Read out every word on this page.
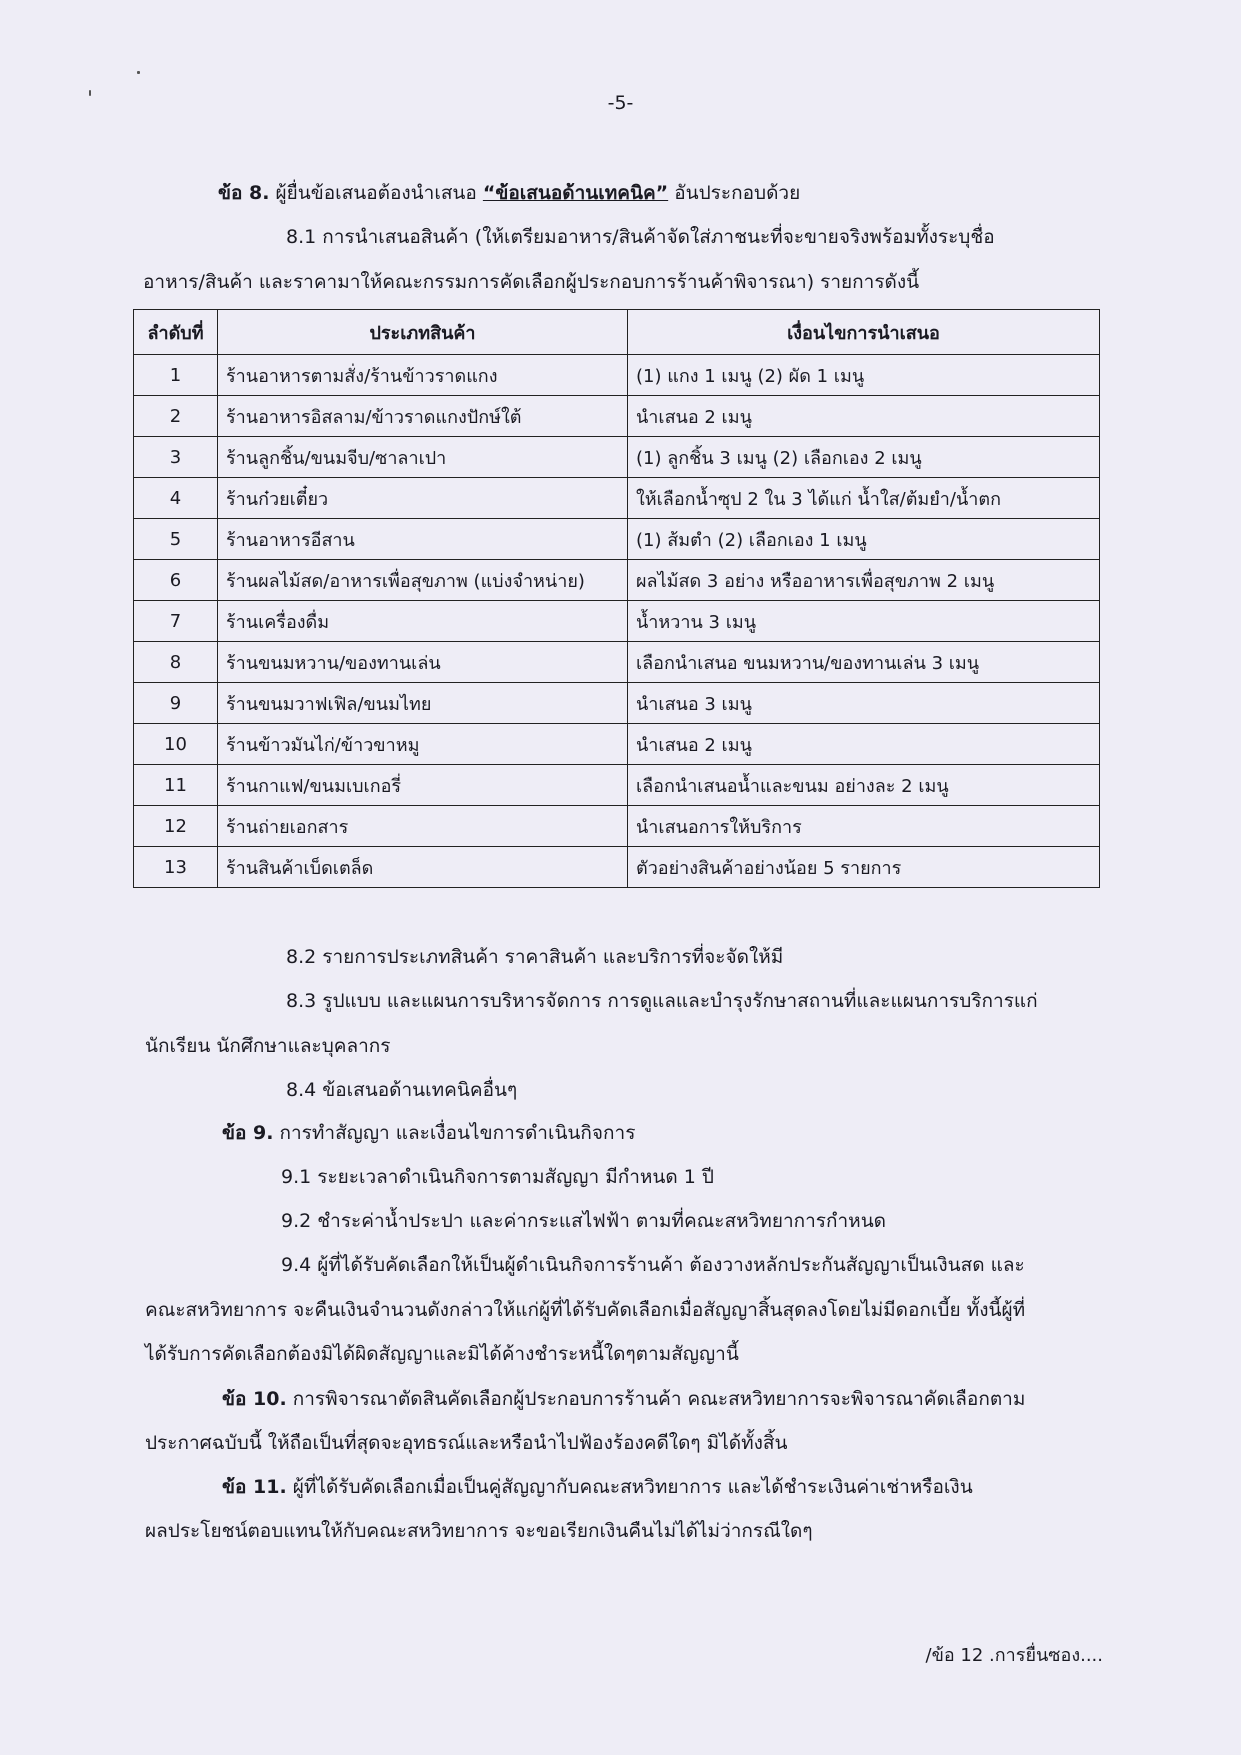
-5-
ข้อ 8. ผู้ยื่นข้อเสนอต้องนำเสนอ “ข้อเสนอด้านเทคนิค” อันประกอบด้วย
8.1 การนำเสนอสินค้า (ให้เตรียมอาหาร/สินค้าจัดใส่ภาชนะที่จะขายจริงพร้อมทั้งระบุชื่อ
อาหาร/สินค้า และราคามาให้คณะกรรมการคัดเลือกผู้ประกอบการร้านค้าพิจารณา) รายการดังนี้
ลำดับที่	ประเภทสินค้า	เงื่อนไขการนำเสนอ
1	ร้านอาหารตามสั่ง/ร้านข้าวราดแกง	(1) แกง 1 เมนู (2) ผัด 1 เมนู
2	ร้านอาหารอิสลาม/ข้าวราดแกงปักษ์ใต้	นำเสนอ 2 เมนู
3	ร้านลูกชิ้น/ขนมจีบ/ซาลาเปา	(1) ลูกชิ้น 3 เมนู (2) เลือกเอง 2 เมนู
4	ร้านก๋วยเตี๋ยว	ให้เลือกน้ำซุป 2 ใน 3 ได้แก่ น้ำใส/ต้มยำ/น้ำตก
5	ร้านอาหารอีสาน	(1) ส้มตำ (2) เลือกเอง 1 เมนู
6	ร้านผลไม้สด/อาหารเพื่อสุขภาพ (แบ่งจำหน่าย)	ผลไม้สด 3 อย่าง หรืออาหารเพื่อสุขภาพ 2 เมนู
7	ร้านเครื่องดื่ม	น้ำหวาน 3 เมนู
8	ร้านขนมหวาน/ของทานเล่น	เลือกนำเสนอ ขนมหวาน/ของทานเล่น 3 เมนู
9	ร้านขนมวาฟเฟิล/ขนมไทย	นำเสนอ 3 เมนู
10	ร้านข้าวมันไก่/ข้าวขาหมู	นำเสนอ 2 เมนู
11	ร้านกาแฟ/ขนมเบเกอรี่	เลือกนำเสนอน้ำและขนม อย่างละ 2 เมนู
12	ร้านถ่ายเอกสาร	นำเสนอการให้บริการ
13	ร้านสินค้าเบ็ดเตล็ด	ตัวอย่างสินค้าอย่างน้อย 5 รายการ
8.2 รายการประเภทสินค้า ราคาสินค้า และบริการที่จะจัดให้มี
8.3 รูปแบบ และแผนการบริหารจัดการ การดูแลและบำรุงรักษาสถานที่และแผนการบริการแก่
นักเรียน นักศึกษาและบุคลากร
8.4 ข้อเสนอด้านเทคนิคอื่นๆ
ข้อ 9. การทำสัญญา และเงื่อนไขการดำเนินกิจการ
9.1 ระยะเวลาดำเนินกิจการตามสัญญา มีกำหนด 1 ปี
9.2 ชำระค่าน้ำประปา และค่ากระแสไฟฟ้า ตามที่คณะสหวิทยาการกำหนด
9.4 ผู้ที่ได้รับคัดเลือกให้เป็นผู้ดำเนินกิจการร้านค้า ต้องวางหลักประกันสัญญาเป็นเงินสด และ
คณะสหวิทยาการ จะคืนเงินจำนวนดังกล่าวให้แก่ผู้ที่ได้รับคัดเลือกเมื่อสัญญาสิ้นสุดลงโดยไม่มีดอกเบี้ย ทั้งนี้ผู้ที่
ได้รับการคัดเลือกต้องมิได้ผิดสัญญาและมิได้ค้างชำระหนี้ใดๆตามสัญญานี้
ข้อ 10. การพิจารณาตัดสินคัดเลือกผู้ประกอบการร้านค้า คณะสหวิทยาการจะพิจารณาคัดเลือกตาม
ประกาศฉบับนี้ ให้ถือเป็นที่สุดจะอุทธรณ์และหรือนำไปฟ้องร้องคดีใดๆ มิได้ทั้งสิ้น
ข้อ 11. ผู้ที่ได้รับคัดเลือกเมื่อเป็นคู่สัญญากับคณะสหวิทยาการ และได้ชำระเงินค่าเช่าหรือเงิน
ผลประโยชน์ตอบแทนให้กับคณะสหวิทยาการ จะขอเรียกเงินคืนไม่ได้ไม่ว่ากรณีใดๆ
/ข้อ 12 .การยื่นซอง....
